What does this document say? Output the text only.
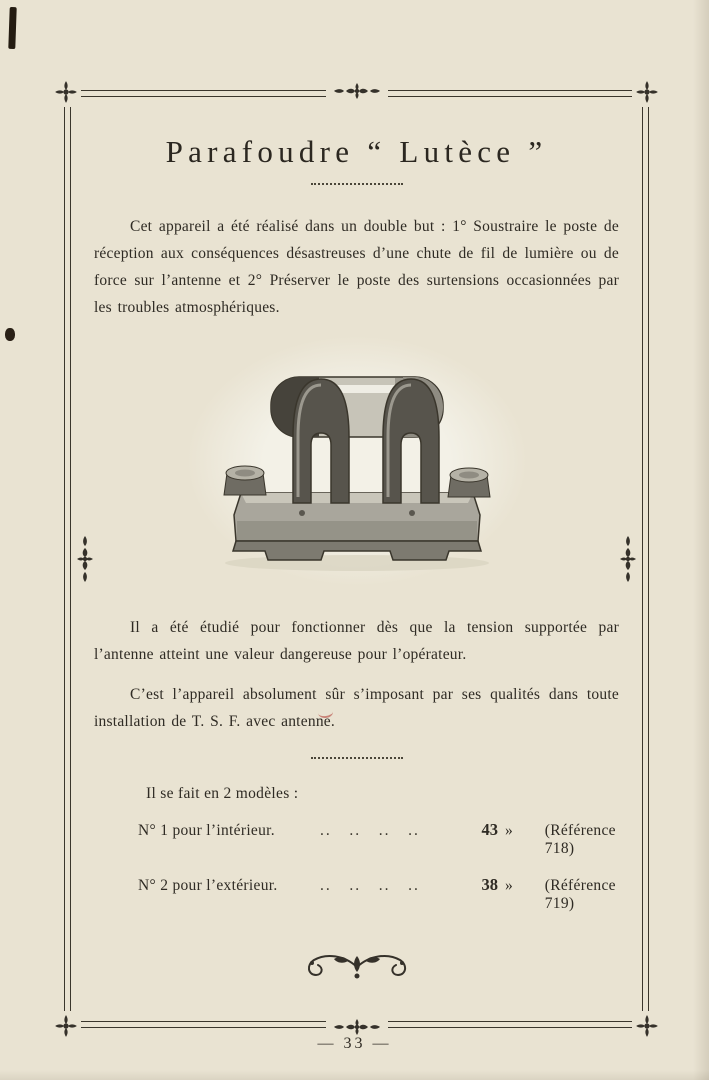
Parafoudre “ Lutèce ”

Cet appareil a été réalisé dans un double but : 1° Soustraire le poste de réception aux conséquences désastreuses d’une chute de fil de lumière ou de force sur l’antenne et 2° Préserver le poste des surtensions occasionnées par les troubles atmosphériques.

Il a été étudié pour fonctionner dès que la tension supportée par l’antenne atteint une valeur dangereuse pour l’opérateur.

C’est l’appareil absolument sûr s’imposant par ses qualités dans toute installation de T. S. F. avec antenne.

Il se fait en 2 modèles :

N° 1 pour l’intérieur.	..   ..   ..   ..	43 » (Référence 718)
N° 2 pour l’extérieur.	..   ..   ..   ..	38 » (Référence 719)
— 33 —
